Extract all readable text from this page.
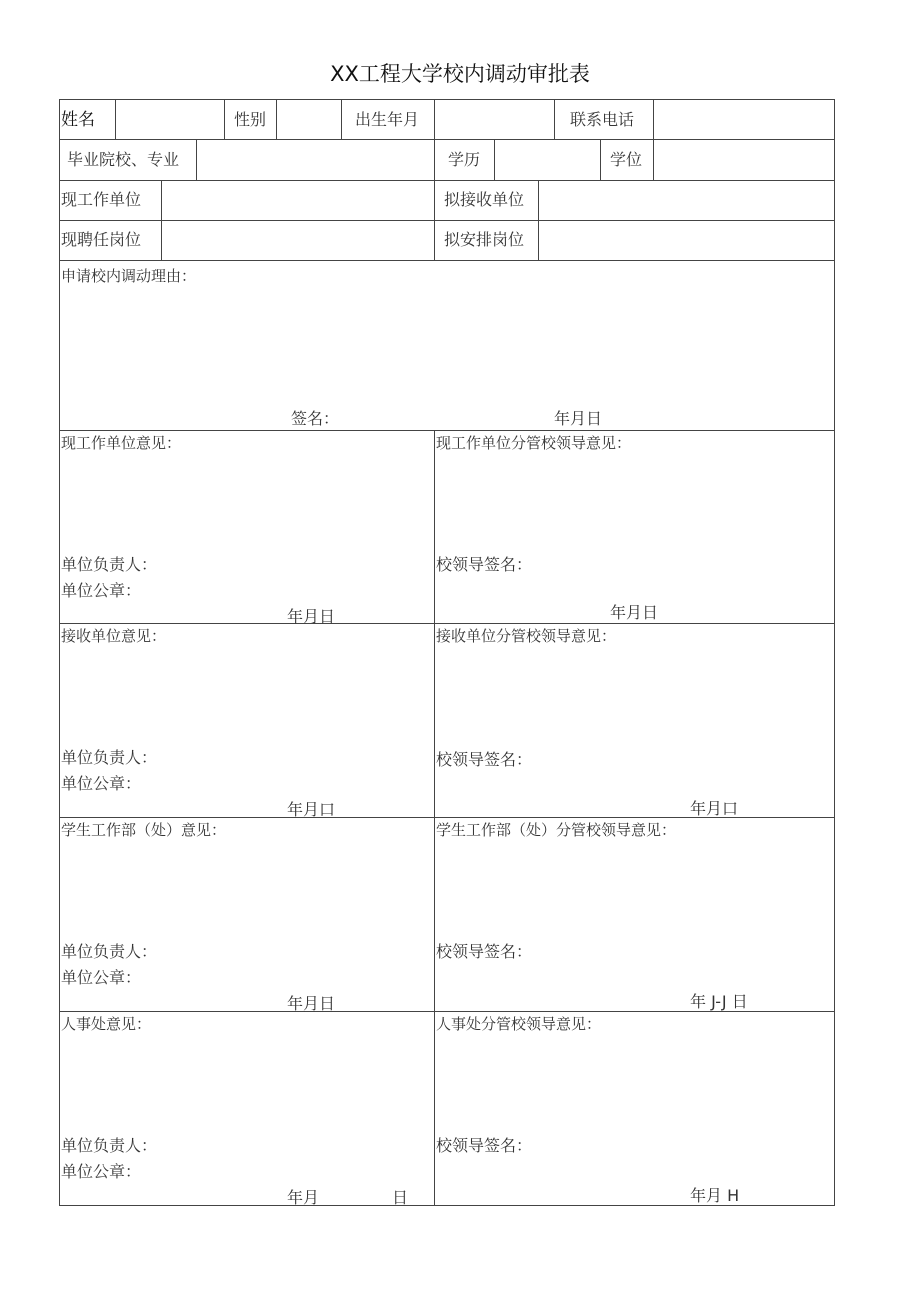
XX工程大学校内调动审批表
姓名	性别	出生年月	联系电话
毕业院校、专业	学历	学位
现工作单位	拟接收单位
现聘任岗位	拟安排岗位
申请校内调动理由：
签名：	年月日
现工作单位意见：
单位负责人：
单位公章：
年月日
现工作单位分管校领导意见：
校领导签名：
年月日
接收单位意见：
单位负责人：
单位公章：
年月口
接收单位分管校领导意见：
校领导签名：
年月口
学生工作部（处）意见：
单位负责人：
单位公章：
年月日
学生工作部（处）分管校领导意见：
校领导签名：
年 J-J 日
人事处意见：
单位负责人：
单位公章：
年月	日
人事处分管校领导意见：
校领导签名：
年月 H
